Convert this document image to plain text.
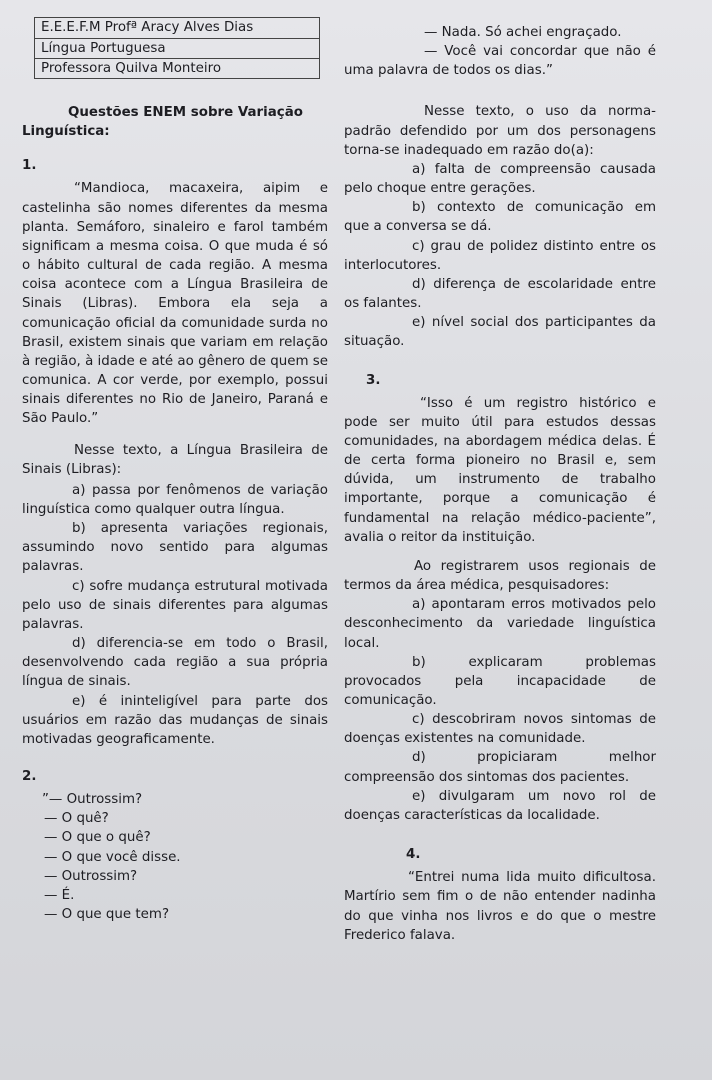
E.E.E.F.M Profª Aracy Alves Dias
Língua Portuguesa
Professora Quilva Monteiro

Questões ENEM sobre Variação Linguística:

1.

“Mandioca, macaxeira, aipim e castelinha são nomes diferentes da mesma planta. Semáforo, sinaleiro e farol também significam a mesma coisa. O que muda é só o hábito cultural de cada região. A mesma coisa acontece com a Língua Brasileira de Sinais (Libras). Embora ela seja a comunicação oficial da comunidade surda no Brasil, existem sinais que variam em relação à região, à idade e até ao gênero de quem se comunica. A cor verde, por exemplo, possui sinais diferentes no Rio de Janeiro, Paraná e São Paulo.”

Nesse texto, a Língua Brasileira de Sinais (Libras):

a) passa por fenômenos de variação linguística como qualquer outra língua.

b) apresenta variações regionais, assumindo novo sentido para algumas palavras.

c) sofre mudança estrutural motivada pelo uso de sinais diferentes para algumas palavras.

d) diferencia-se em todo o Brasil, desenvolvendo cada região a sua própria língua de sinais.

e) é ininteligível para parte dos usuários em razão das mudanças de sinais motivadas geograficamente.

2.

”— Outrossim?

— O quê?

— O que o quê?

— O que você disse.

— Outrossim?

— É.

— O que que tem?

— Nada. Só achei engraçado.

— Você vai concordar que não é uma palavra de todos os dias.”

Nesse texto, o uso da norma-padrão defendido por um dos personagens torna-se inadequado em razão do(a):

a) falta de compreensão causada pelo choque entre gerações.

b) contexto de comunicação em que a conversa se dá.

c) grau de polidez distinto entre os interlocutores.

d) diferença de escolaridade entre os falantes.

e) nível social dos participantes da situação.

3.

“Isso é um registro histórico e pode ser muito útil para estudos dessas comunidades, na abordagem médica delas. É de certa forma pioneiro no Brasil e, sem dúvida, um instrumento de trabalho importante, porque a comunicação é fundamental na relação médico-paciente”, avalia o reitor da instituição.

Ao registrarem usos regionais de termos da área médica, pesquisadores:

a) apontaram erros motivados pelo desconhecimento da variedade linguística local.

b) explicaram problemas provocados pela incapacidade de comunicação.

c) descobriram novos sintomas de doenças existentes na comunidade.

d) propiciaram melhor compreensão dos sintomas dos pacientes.

e) divulgaram um novo rol de doenças características da localidade.

4.

“Entrei numa lida muito dificultosa. Martírio sem fim o de não entender nadinha do que vinha nos livros e do que o mestre Frederico falava.
